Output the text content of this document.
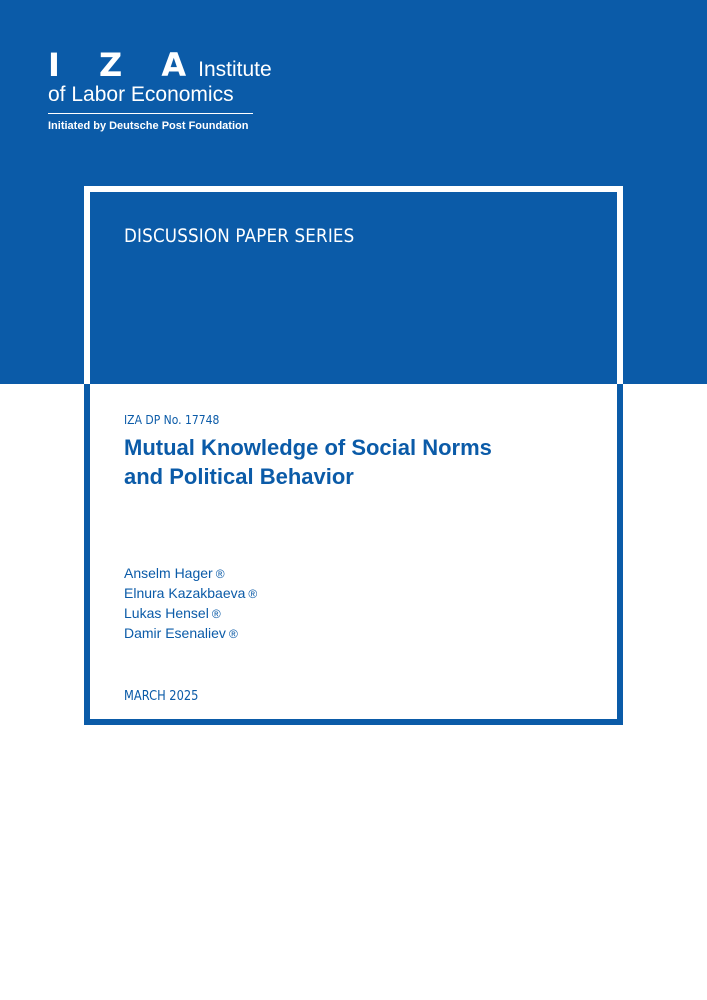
I Z A
Institute
of Labor Economics
Initiated by Deutsche Post Foundation
DISCUSSION PAPER SERIES
IZA DP No. 17748
Mutual Knowledge of Social Norms
and Political Behavior
Anselm Hager ®
Elnura Kazakbaeva ®
Lukas Hensel ®
Damir Esenaliev ®
MARCH 2025
